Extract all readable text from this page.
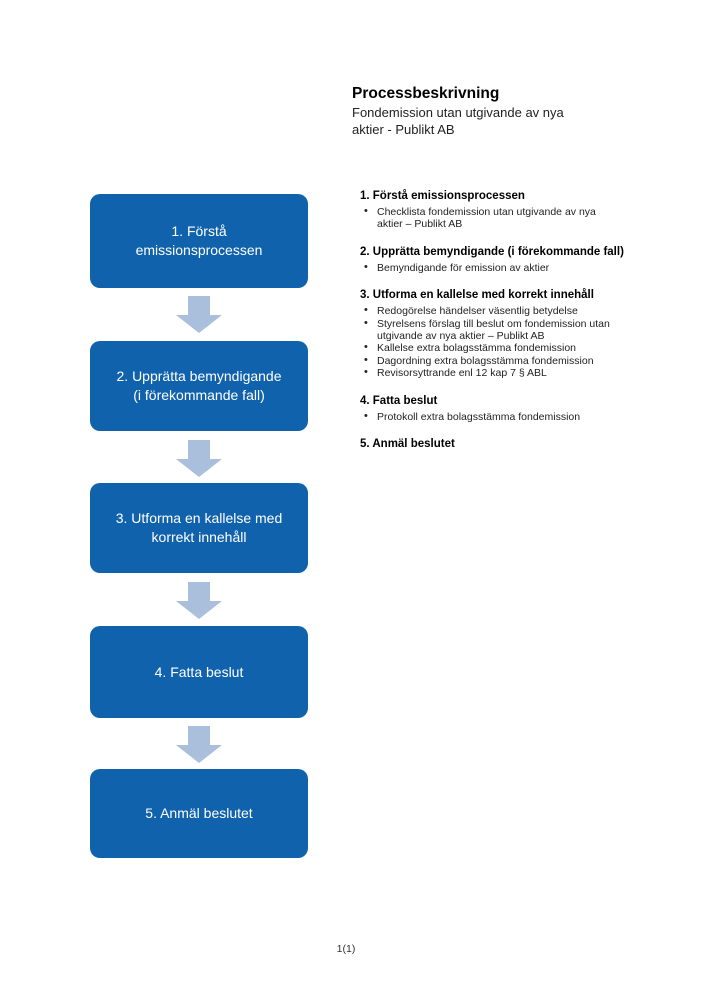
Processbeskrivning
Fondemission utan utgivande av nya
aktier - Publikt AB
1. Förstå
emissionsprocessen
2. Upprätta bemyndigande
(i förekommande fall)
3. Utforma en kallelse med
korrekt innehåll
4. Fatta beslut
5. Anmäl beslutet
1. Förstå emissionsprocessen
• Checklista fondemission utan utgivande av nya aktier – Publikt AB
2. Upprätta bemyndigande (i förekommande fall)
• Bemyndigande för emission av aktier
3. Utforma en kallelse med korrekt innehåll
• Redogörelse händelser väsentlig betydelse
• Styrelsens förslag till beslut om fondemission utan utgivande av nya aktier – Publikt AB
• Kallelse extra bolagsstämma fondemission
• Dagordning extra bolagsstämma fondemission
• Revisorsyttrande enl 12 kap 7 § ABL
4. Fatta beslut
• Protokoll extra bolagsstämma fondemission
5. Anmäl beslutet
1(1)
